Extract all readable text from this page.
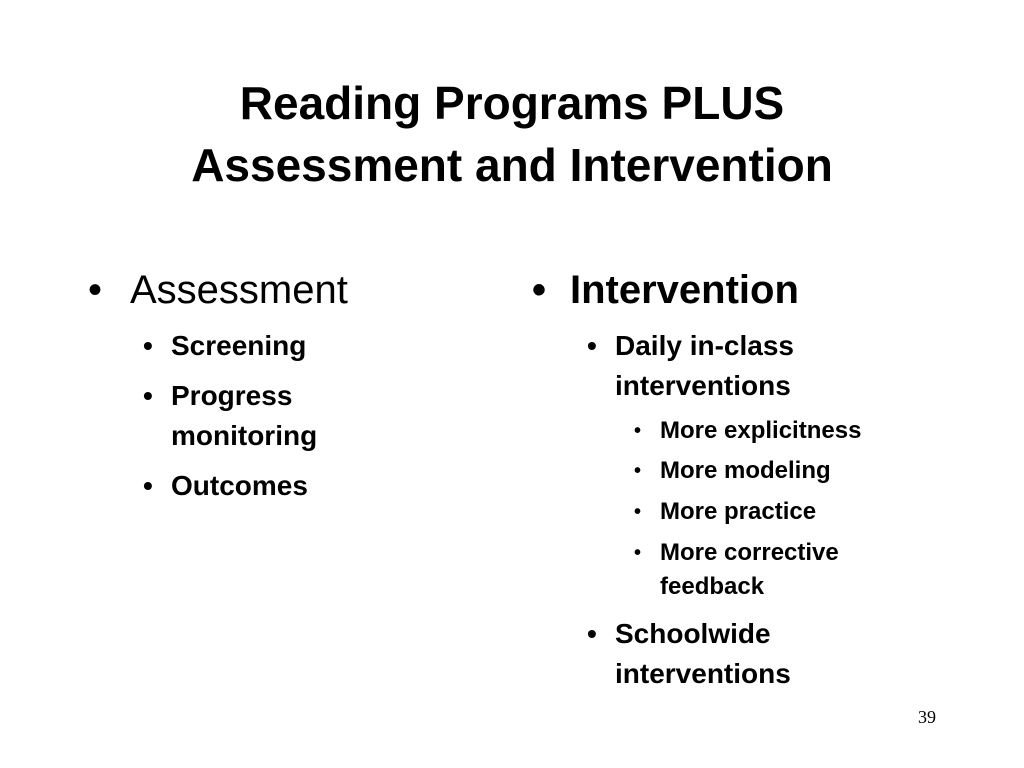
Reading Programs PLUS
Assessment and Intervention
• Assessment
• Screening
• Progress monitoring
• Outcomes
• Intervention
• Daily in-class interventions
• More explicitness
• More modeling
• More practice
• More corrective feedback
• Schoolwide interventions
39
